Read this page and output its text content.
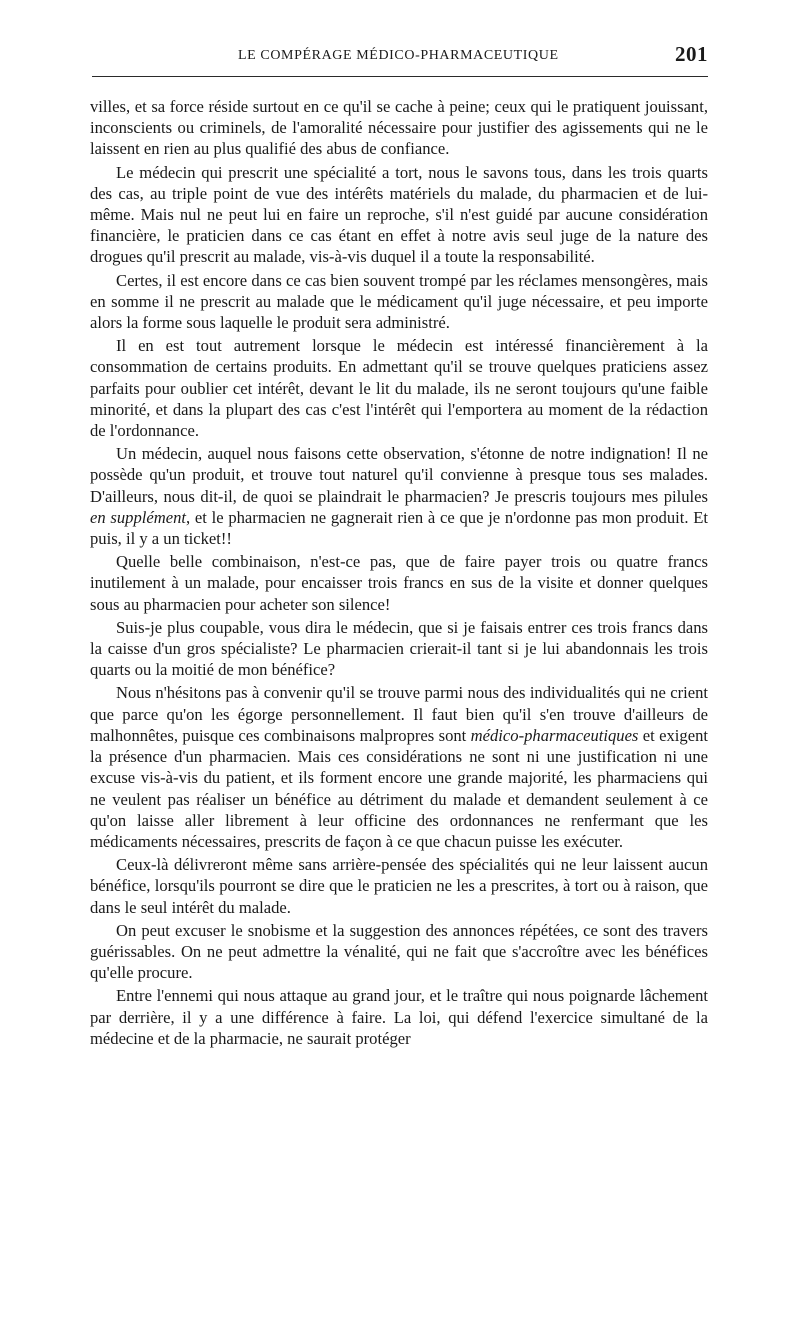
LE COMPÉRAGE MÉDICO-PHARMACEUTIQUE	201

villes, et sa force réside surtout en ce qu'il se cache à peine; ceux qui le pratiquent jouissant, inconscients ou criminels, de l'amoralité nécessaire pour justifier des agissements qui ne le laissent en rien au plus qualifié des abus de confiance.

Le médecin qui prescrit une spécialité a tort, nous le savons tous, dans les trois quarts des cas, au triple point de vue des intérêts matériels du malade, du pharmacien et de lui-même. Mais nul ne peut lui en faire un reproche, s'il n'est guidé par aucune considération financière, le praticien dans ce cas étant en effet à notre avis seul juge de la nature des drogues qu'il prescrit au malade, vis-à-vis duquel il a toute la responsabilité.

Certes, il est encore dans ce cas bien souvent trompé par les réclames mensongères, mais en somme il ne prescrit au malade que le médicament qu'il juge nécessaire, et peu importe alors la forme sous laquelle le produit sera administré.

Il en est tout autrement lorsque le médecin est intéressé financièrement à la consommation de certains produits. En admettant qu'il se trouve quelques praticiens assez parfaits pour oublier cet intérêt, devant le lit du malade, ils ne seront toujours qu'une faible minorité, et dans la plupart des cas c'est l'intérêt qui l'emportera au moment de la rédaction de l'ordonnance.

Un médecin, auquel nous faisons cette observation, s'étonne de notre indignation! Il ne possède qu'un produit, et trouve tout naturel qu'il convienne à presque tous ses malades. D'ailleurs, nous dit-il, de quoi se plaindrait le pharmacien? Je prescris toujours mes pilules en supplément, et le pharmacien ne gagnerait rien à ce que je n'ordonne pas mon produit. Et puis, il y a un ticket!!

Quelle belle combinaison, n'est-ce pas, que de faire payer trois ou quatre francs inutilement à un malade, pour encaisser trois francs en sus de la visite et donner quelques sous au pharmacien pour acheter son silence!

Suis-je plus coupable, vous dira le médecin, que si je faisais entrer ces trois francs dans la caisse d'un gros spécialiste? Le pharmacien crierait-il tant si je lui abandonnais les trois quarts ou la moitié de mon bénéfice?

Nous n'hésitons pas à convenir qu'il se trouve parmi nous des individualités qui ne crient que parce qu'on les égorge personnellement. Il faut bien qu'il s'en trouve d'ailleurs de malhonnêtes, puisque ces combinaisons malpropres sont médico-pharmaceutiques et exigent la présence d'un pharmacien. Mais ces considérations ne sont ni une justification ni une excuse vis-à-vis du patient, et ils forment encore une grande majorité, les pharmaciens qui ne veulent pas réaliser un bénéfice au détriment du malade et demandent seulement à ce qu'on laisse aller librement à leur officine des ordonnances ne renfermant que les médicaments nécessaires, prescrits de façon à ce que chacun puisse les exécuter.

Ceux-là délivreront même sans arrière-pensée des spécialités qui ne leur laissent aucun bénéfice, lorsqu'ils pourront se dire que le praticien ne les a prescrites, à tort ou à raison, que dans le seul intérêt du malade.

On peut excuser le snobisme et la suggestion des annonces répétées, ce sont des travers guérissables. On ne peut admettre la vénalité, qui ne fait que s'accroître avec les bénéfices qu'elle procure.

Entre l'ennemi qui nous attaque au grand jour, et le traître qui nous poignarde lâchement par derrière, il y a une différence à faire. La loi, qui défend l'exercice simultané de la médecine et de la pharmacie, ne saurait protéger
